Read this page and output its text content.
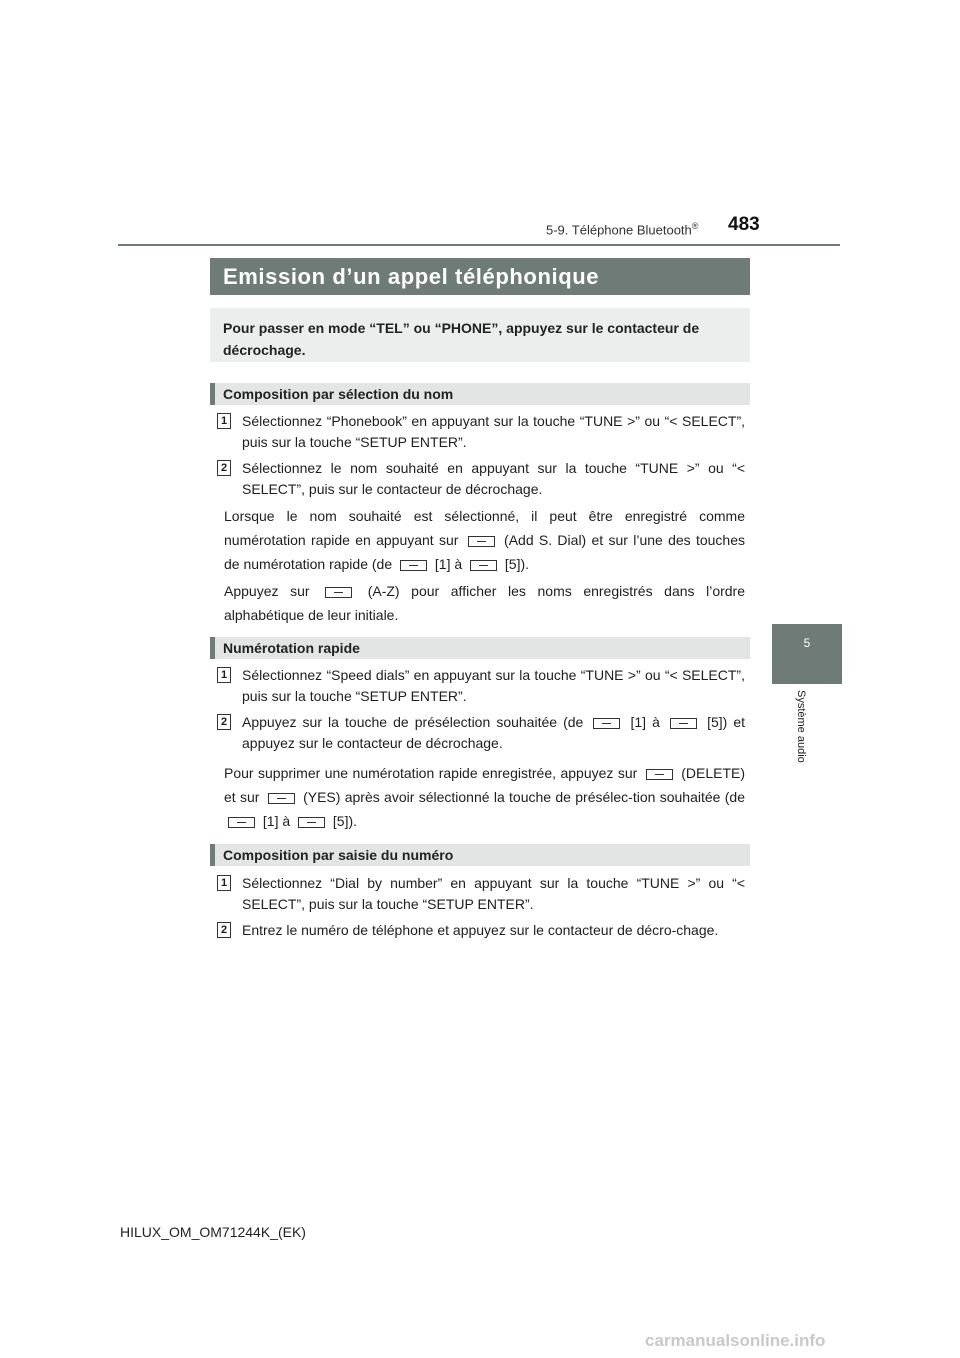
5-9. Téléphone Bluetooth® 483
5
Système audio
Emission d’un appel téléphonique
Pour passer en mode “TEL” ou “PHONE”, appuyez sur le contacteur de décrochage.
Composition par sélection du nom
1 Sélectionnez “Phonebook” en appuyant sur la touche “TUNE >” ou “< SELECT”, puis sur la touche “SETUP ENTER”.
2 Sélectionnez le nom souhaité en appuyant sur la touche “TUNE >” ou “< SELECT”, puis sur le contacteur de décrochage.
Lorsque le nom souhaité est sélectionné, il peut être enregistré comme numérotation rapide en appuyant sur	(Add S. Dial) et sur l’une des touches de numérotation rapide (de	[1] à	[5]).
Appuyez sur	(A-Z) pour afficher les noms enregistrés dans l’ordre alphabétique de leur initiale.
Numérotation rapide
1 Sélectionnez “Speed dials” en appuyant sur la touche “TUNE >” ou “< SELECT”, puis sur la touche “SETUP ENTER”.
2 Appuyez sur la touche de présélection souhaitée (de	[1] à	[5]) et appuyez sur le contacteur de décrochage.
Pour supprimer une numérotation rapide enregistrée, appuyez sur	(DELETE) et sur	(YES) après avoir sélectionné la touche de présélec-tion souhaitée (de  [1] à	[5]).
Composition par saisie du numéro
1 Sélectionnez “Dial by number” en appuyant sur la touche “TUNE >” ou “< SELECT”, puis sur la touche “SETUP ENTER”.
2 Entrez le numéro de téléphone et appuyez sur le contacteur de décro-chage.
HILUX_OM_OM71244K_(EK)
carmanualsonline.info
